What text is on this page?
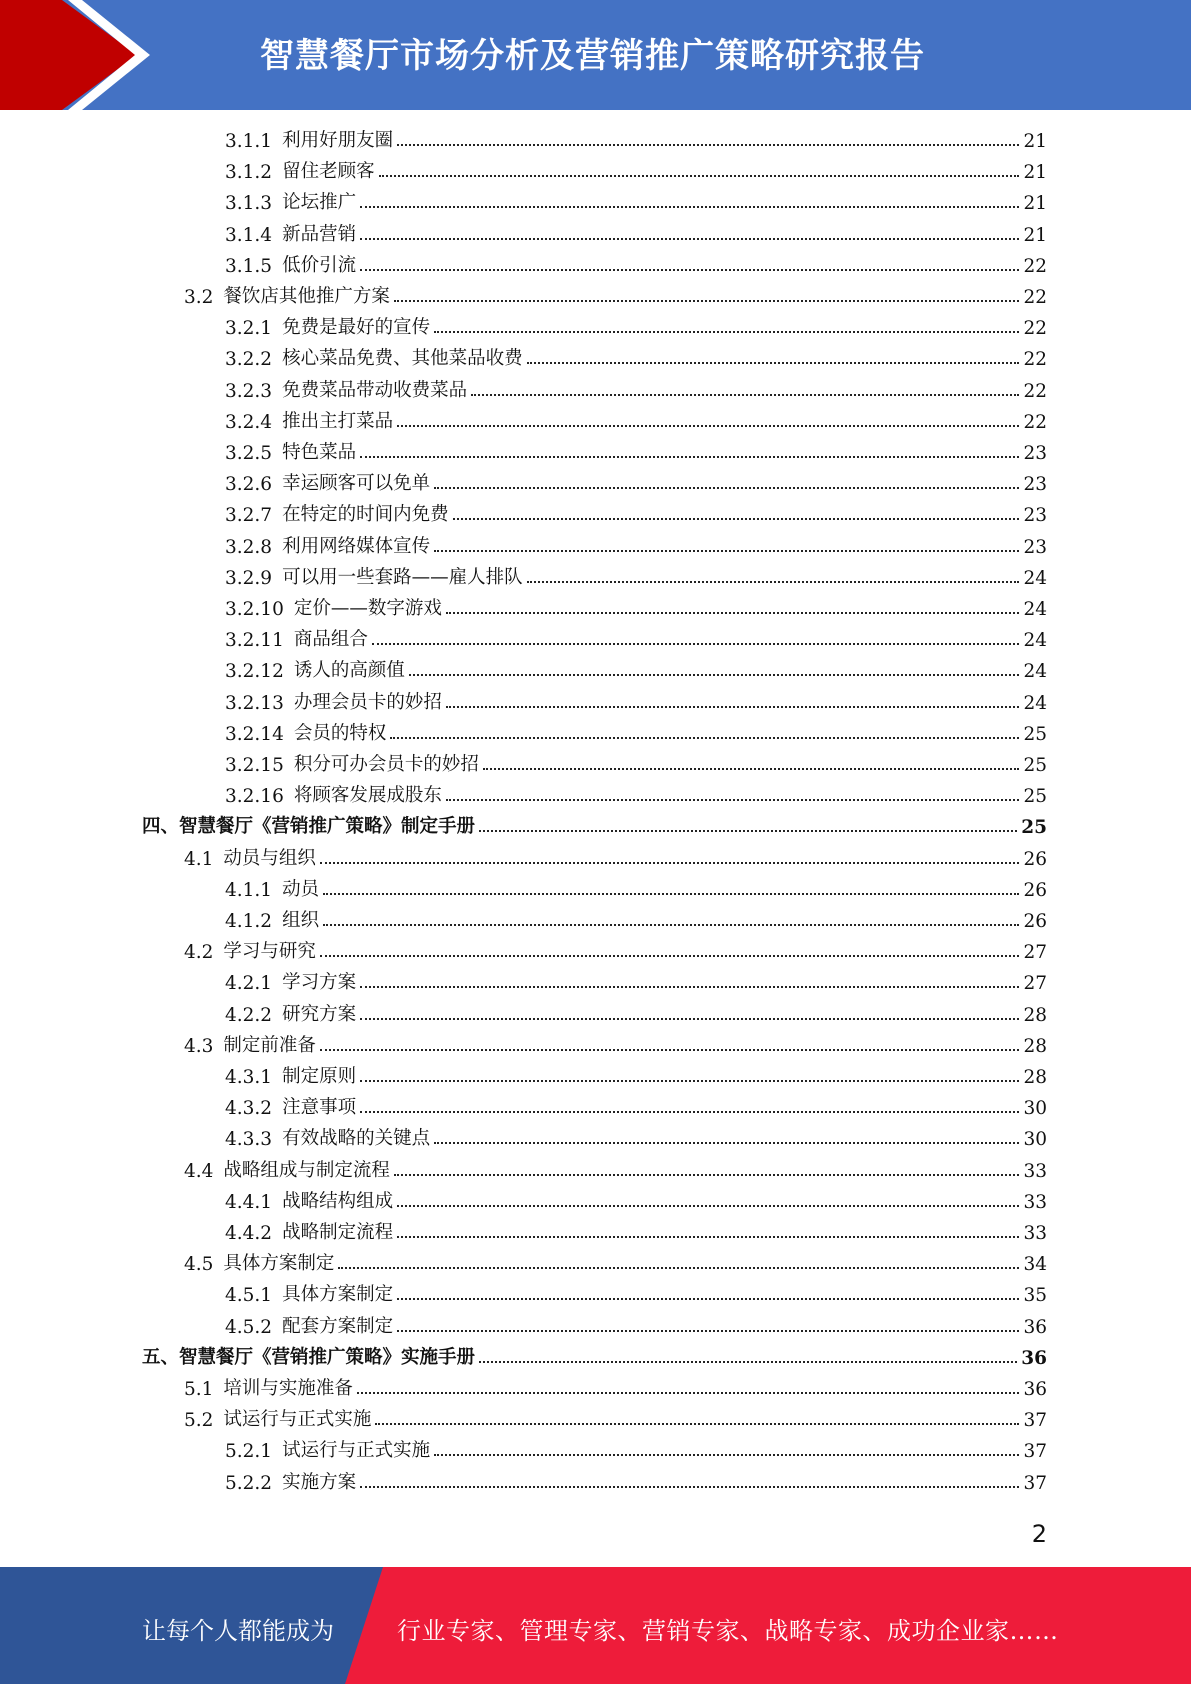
智慧餐厅市场分析及营销推广策略研究报告
3.1.1 利用好朋友圈	21
3.1.2 留住老顾客	21
3.1.3 论坛推广	21
3.1.4 新品营销	21
3.1.5 低价引流	22
3.2 餐饮店其他推广方案	22
3.2.1 免费是最好的宣传	22
3.2.2 核心菜品免费、其他菜品收费	22
3.2.3 免费菜品带动收费菜品	22
3.2.4 推出主打菜品	22
3.2.5 特色菜品	23
3.2.6 幸运顾客可以免单	23
3.2.7 在特定的时间内免费	23
3.2.8 利用网络媒体宣传	23
3.2.9 可以用一些套路——雇人排队	24
3.2.10 定价——数字游戏	24
3.2.11 商品组合	24
3.2.12 诱人的高颜值	24
3.2.13 办理会员卡的妙招	24
3.2.14 会员的特权	25
3.2.15 积分可办会员卡的妙招	25
3.2.16 将顾客发展成股东	25
四、智慧餐厅《营销推广策略》制定手册	25
4.1 动员与组织	26
4.1.1 动员	26
4.1.2 组织	26
4.2 学习与研究	27
4.2.1 学习方案	27
4.2.2 研究方案	28
4.3 制定前准备	28
4.3.1 制定原则	28
4.3.2 注意事项	30
4.3.3 有效战略的关键点	30
4.4 战略组成与制定流程	33
4.4.1 战略结构组成	33
4.4.2 战略制定流程	33
4.5 具体方案制定	34
4.5.1 具体方案制定	35
4.5.2 配套方案制定	36
五、智慧餐厅《营销推广策略》实施手册	36
5.1 培训与实施准备	36
5.2 试运行与正式实施	37
5.2.1 试运行与正式实施	37
5.2.2 实施方案	37
2
让每个人都能成为	行业专家、管理专家、营销专家、战略专家、成功企业家……
